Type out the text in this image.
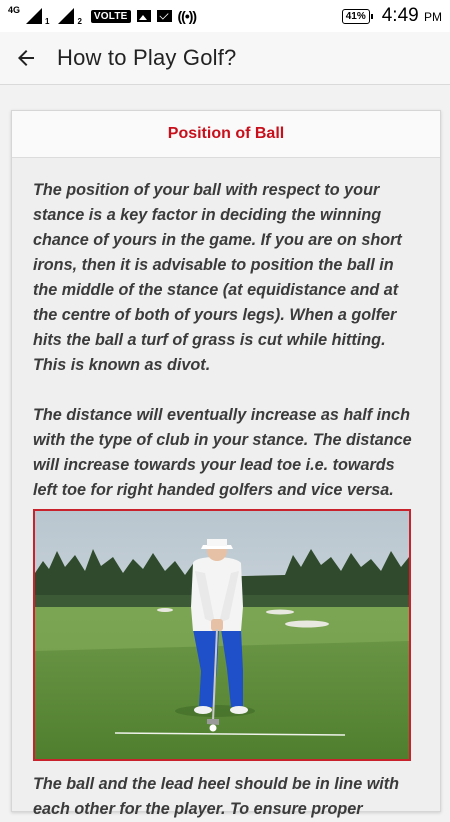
4G
1	2	VOLTE	((•))	41% 4:49 PM
How to Play Golf?
Position of Ball

The position of your ball with respect to your stance is a key factor in deciding the winning chance of yours in the game. If you are on short irons, then it is advisable to position the ball in the middle of the stance (at equidistance and at the centre of both of yours legs). When a golfer hits the ball a turf of grass is cut while hitting. This is known as divot.

The distance will eventually increase as half inch with the type of club in your stance. The distance will increase towards your lead toe i.e. towards left toe for right handed golfers and vice versa.

The ball and the lead heel should be in line with each other for the player. To ensure proper
